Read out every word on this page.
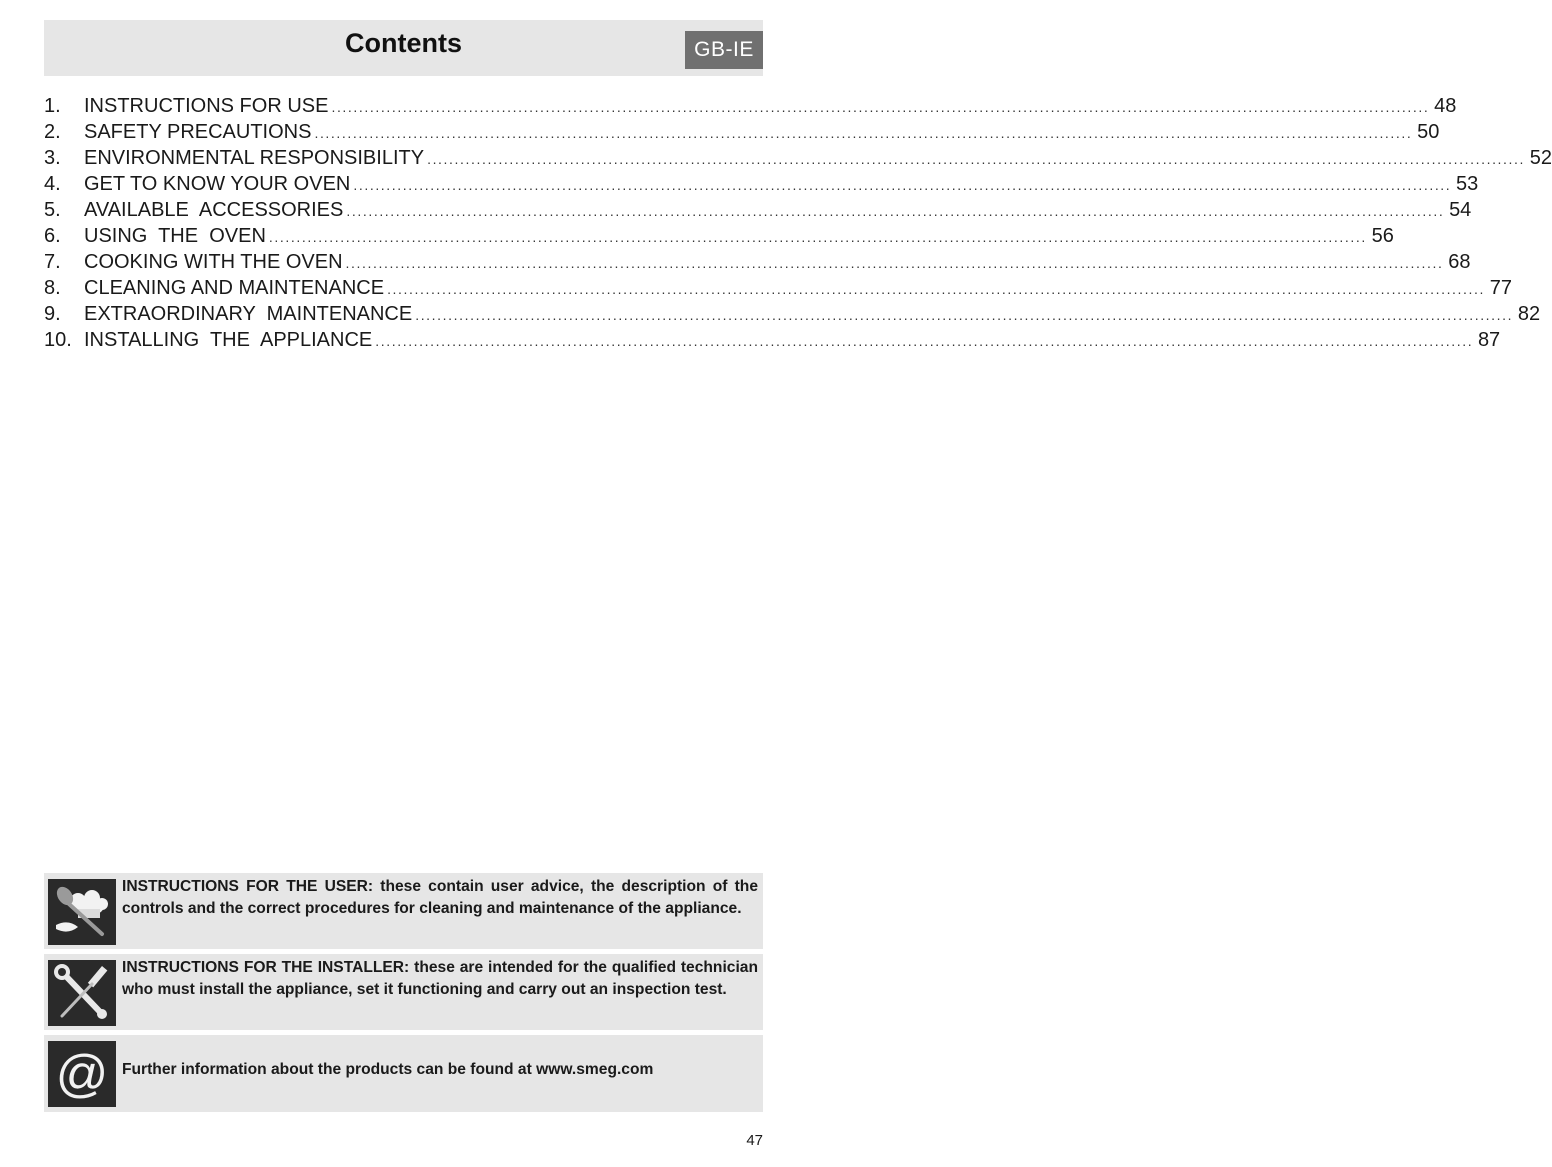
Contents	GB-IE
1.	INSTRUCTIONS FOR USE ........................................................................................................................................................................................................ 48
2.	SAFETY PRECAUTIONS ........................................................................................................................................................................................................ 50
3.	ENVIRONMENTAL RESPONSIBILITY ........................................................................................................................................................................................................ 52
4.	GET TO KNOW YOUR OVEN ........................................................................................................................................................................................................ 53
5.	AVAILABLE  ACCESSORIES ........................................................................................................................................................................................................ 54
6.	USING  THE  OVEN ........................................................................................................................................................................................................ 56
7.	COOKING WITH THE OVEN ........................................................................................................................................................................................................ 68
8.	CLEANING AND MAINTENANCE ........................................................................................................................................................................................................ 77
9.	EXTRAORDINARY  MAINTENANCE ........................................................................................................................................................................................................ 82
10. INSTALLING  THE  APPLIANCE ........................................................................................................................................................................................................ 87
INSTRUCTIONS FOR THE USER: these contain user advice, the description of the controls and the correct procedures for cleaning and maintenance of the appliance.
INSTRUCTIONS FOR THE INSTALLER: these are intended for the qualified technician who must install the appliance, set it functioning and carry out an inspection test.
@ Further information about the products can be found at www.smeg.com
47
